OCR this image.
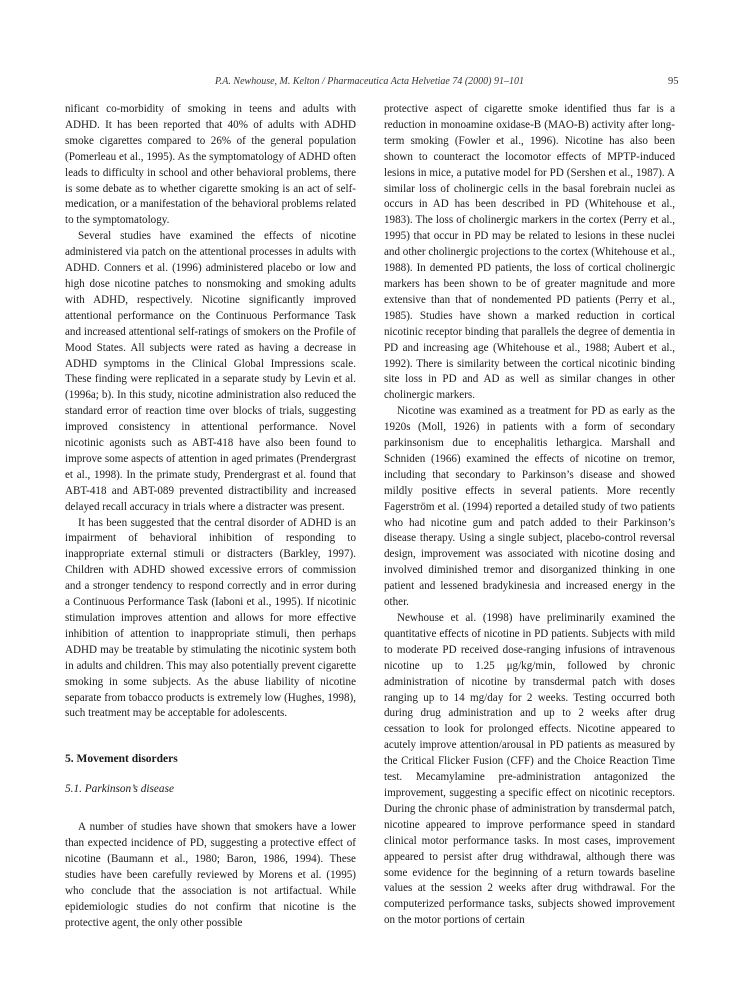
P.A. Newhouse, M. Kelton / Pharmaceutica Acta Helvetiae 74 (2000) 91–101	95

nificant co-morbidity of smoking in teens and adults with ADHD. It has been reported that 40% of adults with ADHD smoke cigarettes compared to 26% of the general population (Pomerleau et al., 1995). As the symptomatology of ADHD often leads to difficulty in school and other behavioral problems, there is some debate as to whether cigarette smoking is an act of self-medication, or a manifestation of the behavioral problems related to the symptomatology.

Several studies have examined the effects of nicotine administered via patch on the attentional processes in adults with ADHD. Conners et al. (1996) administered placebo or low and high dose nicotine patches to nonsmoking and smoking adults with ADHD, respectively. Nicotine significantly improved attentional performance on the Continuous Performance Task and increased attentional self-ratings of smokers on the Profile of Mood States. All subjects were rated as having a decrease in ADHD symptoms in the Clinical Global Impressions scale. These finding were replicated in a separate study by Levin et al. (1996a; b). In this study, nicotine administration also reduced the standard error of reaction time over blocks of trials, suggesting improved consistency in attentional performance. Novel nicotinic agonists such as ABT-418 have also been found to improve some aspects of attention in aged primates (Prendergrast et al., 1998). In the primate study, Prendergrast et al. found that ABT-418 and ABT-089 prevented distractibility and increased delayed recall accuracy in trials where a distracter was present.

It has been suggested that the central disorder of ADHD is an impairment of behavioral inhibition of responding to inappropriate external stimuli or distracters (Barkley, 1997). Children with ADHD showed excessive errors of commission and a stronger tendency to respond correctly and in error during a Continuous Performance Task (Iaboni et al., 1995). If nicotinic stimulation improves attention and allows for more effective inhibition of attention to inappropriate stimuli, then perhaps ADHD may be treatable by stimulating the nicotinic system both in adults and children. This may also potentially prevent cigarette smoking in some subjects. As the abuse liability of nicotine separate from tobacco products is extremely low (Hughes, 1998), such treatment may be acceptable for adolescents.

5. Movement disorders
5.1. Parkinson’s disease

A number of studies have shown that smokers have a lower than expected incidence of PD, suggesting a protective effect of nicotine (Baumann et al., 1980; Baron, 1986, 1994). These studies have been carefully reviewed by Morens et al. (1995) who conclude that the association is not artifactual. While epidemiologic studies do not confirm that nicotine is the protective agent, the only other possible

protective aspect of cigarette smoke identified thus far is a reduction in monoamine oxidase-B (MAO-B) activity after long-term smoking (Fowler et al., 1996). Nicotine has also been shown to counteract the locomotor effects of MPTP-induced lesions in mice, a putative model for PD (Sershen et al., 1987). A similar loss of cholinergic cells in the basal forebrain nuclei as occurs in AD has been described in PD (Whitehouse et al., 1983). The loss of cholinergic markers in the cortex (Perry et al., 1995) that occur in PD may be related to lesions in these nuclei and other cholinergic projections to the cortex (Whitehouse et al., 1988). In demented PD patients, the loss of cortical cholinergic markers has been shown to be of greater magnitude and more extensive than that of nondemented PD patients (Perry et al., 1985). Studies have shown a marked reduction in cortical nicotinic receptor binding that parallels the degree of dementia in PD and increasing age (Whitehouse et al., 1988; Aubert et al., 1992). There is similarity between the cortical nicotinic binding site loss in PD and AD as well as similar changes in other cholinergic markers.

Nicotine was examined as a treatment for PD as early as the 1920s (Moll, 1926) in patients with a form of secondary parkinsonism due to encephalitis lethargica. Marshall and Schniden (1966) examined the effects of nicotine on tremor, including that secondary to Parkinson’s disease and showed mildly positive effects in several patients. More recently Fagerström et al. (1994) reported a detailed study of two patients who had nicotine gum and patch added to their Parkinson’s disease therapy. Using a single subject, placebo-control reversal design, improvement was associated with nicotine dosing and involved diminished tremor and disorganized thinking in one patient and lessened bradykinesia and increased energy in the other.

Newhouse et al. (1998) have preliminarily examined the quantitative effects of nicotine in PD patients. Subjects with mild to moderate PD received dose-ranging infusions of intravenous nicotine up to 1.25 μg/kg/min, followed by chronic administration of nicotine by transdermal patch with doses ranging up to 14 mg/day for 2 weeks. Testing occurred both during drug administration and up to 2 weeks after drug cessation to look for prolonged effects. Nicotine appeared to acutely improve attention/arousal in PD patients as measured by the Critical Flicker Fusion (CFF) and the Choice Reaction Time test. Mecamylamine pre-administration antagonized the improvement, suggesting a specific effect on nicotinic receptors. During the chronic phase of administration by transdermal patch, nicotine appeared to improve performance speed in standard clinical motor performance tasks. In most cases, improvement appeared to persist after drug withdrawal, although there was some evidence for the beginning of a return towards baseline values at the session 2 weeks after drug withdrawal. For the computerized performance tasks, subjects showed improvement on the motor portions of certain
